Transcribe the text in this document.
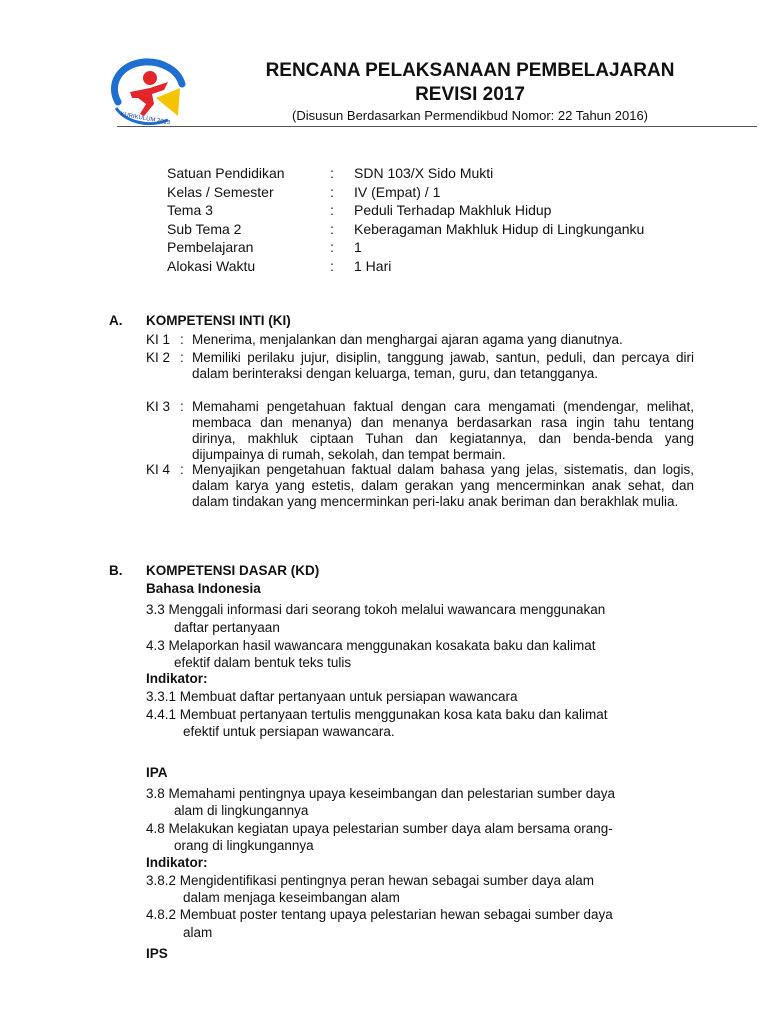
KURIKULUM 2013
RENCANA PELAKSANAAN PEMBELAJARAN
REVISI 2017
(Disusun Berdasarkan Permendikbud Nomor: 22 Tahun 2016)
Satuan Pendidikan	: SDN 103/X Sido Mukti
Kelas / Semester	: IV (Empat) / 1
Tema 3	: Peduli Terhadap Makhluk Hidup
Sub Tema 2	: Keberagaman Makhluk Hidup di Lingkunganku
Pembelajaran	: 1
Alokasi Waktu	: 1 Hari
A. KOMPETENSI INTI (KI)
KI 1 : Menerima, menjalankan dan menghargai ajaran agama yang dianutnya.
KI 2 : Memiliki perilaku jujur, disiplin, tanggung jawab, santun, peduli, dan percaya diri dalam berinteraksi dengan keluarga, teman, guru, dan tetangganya.
KI 3 : Memahami pengetahuan faktual dengan cara mengamati (mendengar, melihat, membaca dan menanya) dan menanya berdasarkan rasa ingin tahu tentang dirinya, makhluk ciptaan Tuhan dan kegiatannya, dan benda-benda yang dijumpainya di rumah, sekolah, dan tempat bermain.
KI 4 : Menyajikan pengetahuan faktual dalam bahasa yang jelas, sistematis, dan logis, dalam karya yang estetis, dalam gerakan yang mencerminkan anak sehat, dan dalam tindakan yang mencerminkan peri-laku anak beriman dan berakhlak mulia.
B. KOMPETENSI DASAR (KD)
Bahasa Indonesia
3.3 Menggali informasi dari seorang tokoh melalui wawancara menggunakan
daftar pertanyaan
4.3 Melaporkan hasil wawancara menggunakan kosakata baku dan kalimat
efektif dalam bentuk teks tulis
Indikator:
3.3.1 Membuat daftar pertanyaan untuk persiapan wawancara
4.4.1 Membuat pertanyaan tertulis menggunakan kosa kata baku dan kalimat
efektif untuk persiapan wawancara.
IPA
3.8 Memahami pentingnya upaya keseimbangan dan pelestarian sumber daya
alam di lingkungannya
4.8 Melakukan kegiatan upaya pelestarian sumber daya alam bersama orang-
orang di lingkungannya
Indikator:
3.8.2 Mengidentifikasi pentingnya peran hewan sebagai sumber daya alam
dalam menjaga keseimbangan alam
4.8.2 Membuat poster tentang upaya pelestarian hewan sebagai sumber daya
alam
IPS
